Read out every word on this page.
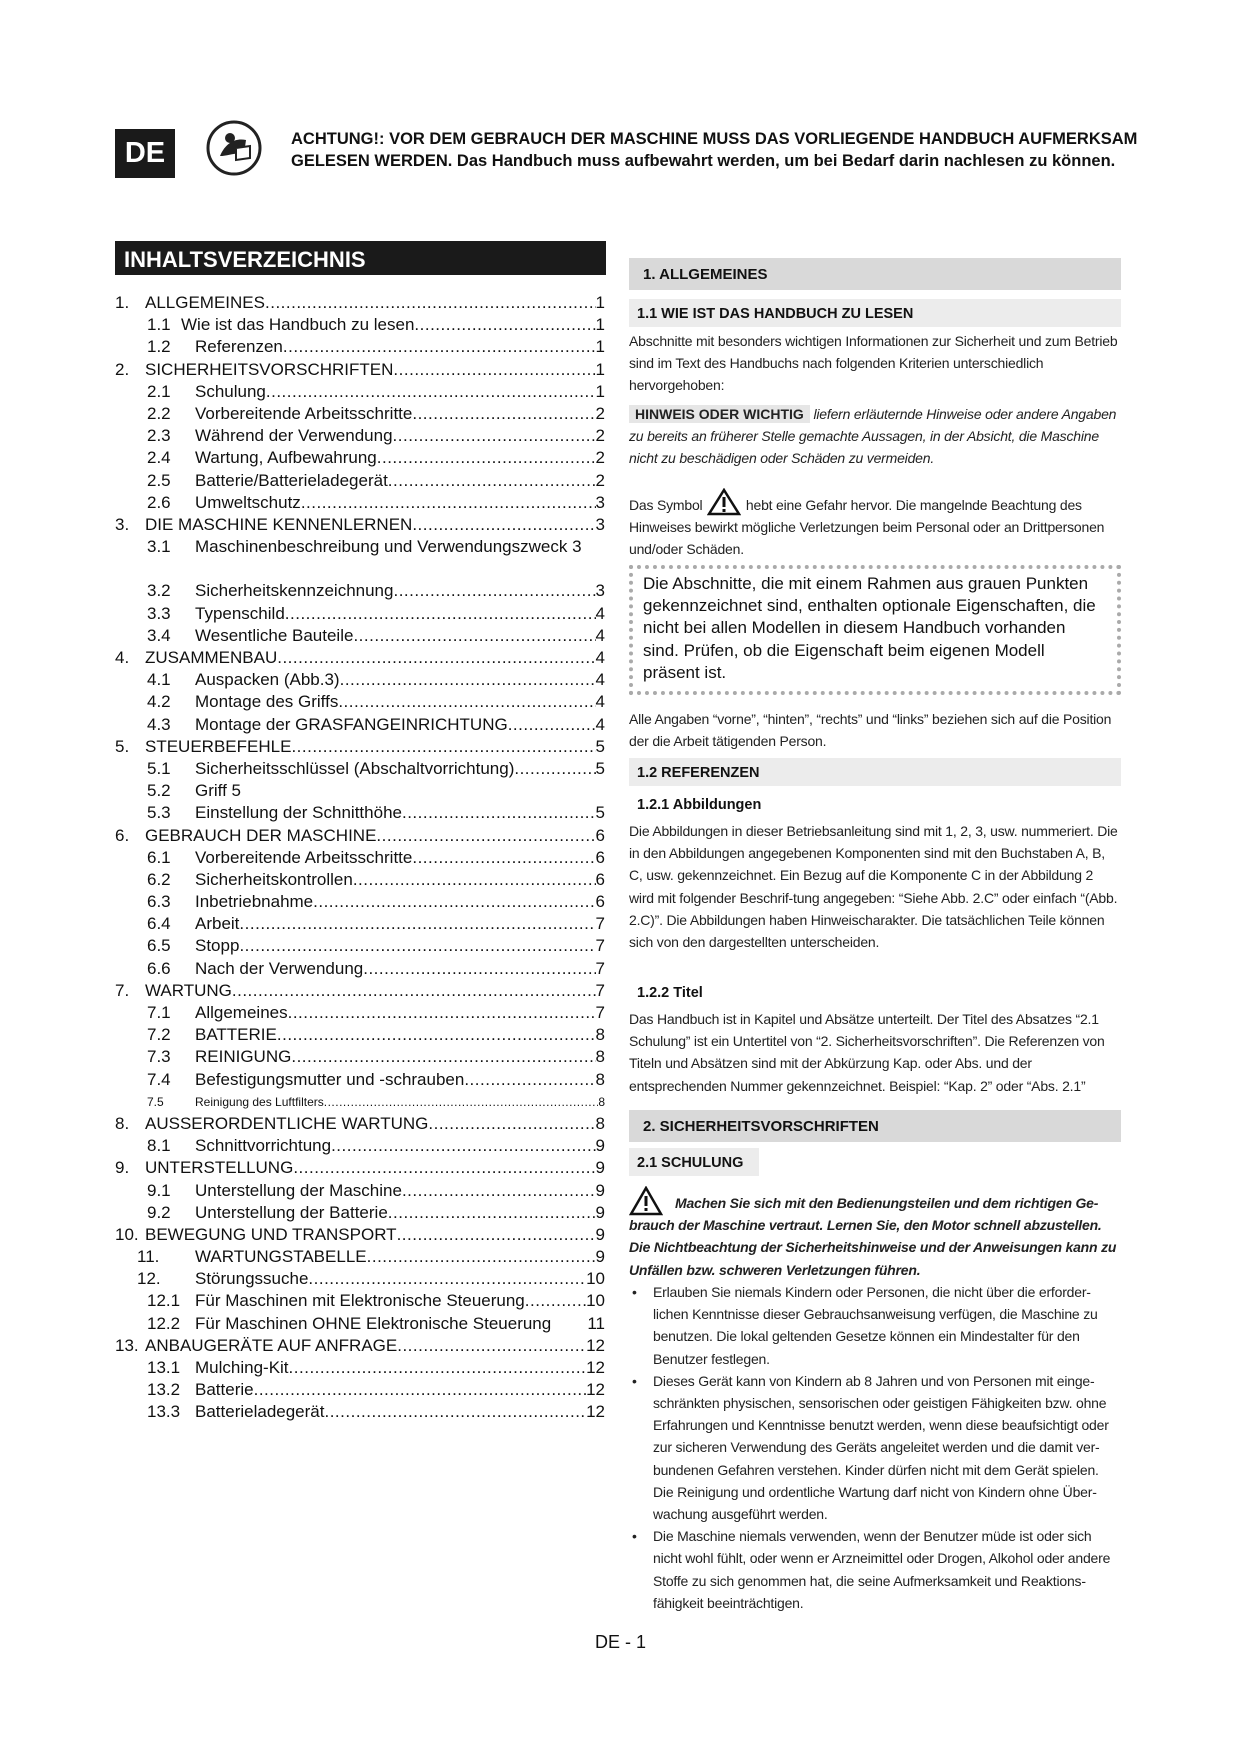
DE	ACHTUNG!: VOR DEM GEBRAUCH DER MASCHINE MUSS DAS VORLIEGENDE HANDBUCH AUFMERKSAM GELESEN WERDEN. Das Handbuch muss aufbewahrt werden, um bei Bedarf darin nachlesen zu können.
INHALTSVERZEICHNIS
1. ALLGEMEINES .....	1
1.1 Wie ist das Handbuch zu lesen .....	1
1.2 Referenzen .....	1
2. SICHERHEITSVORSCHRIFTEN .....	1
2.1 Schulung .....	1
2.2 Vorbereitende Arbeitsschritte .....	2
2.3 Während der Verwendung .....	2
2.4 Wartung, Aufbewahrung .....	2
2.5 Batterie/Batterieladegerät .....	2
2.6 Umweltschutz .....	3
3. DIE MASCHINE KENNENLERNEN .....	3
3.1 Maschinenbeschreibung und Verwendungszweck 3
3.2 Sicherheitskennzeichnung .....	3
3.3 Typenschild .....	4
3.4 Wesentliche Bauteile .....	4
4. ZUSAMMENBAU .....	4
4.1 Auspacken (Abb.3) .....	4
4.2 Montage des Griffs .....	4
4.3 Montage der GRASFANGEINRICHTUNG .....	4
5. STEUERBEFEHLE .....	5
5.1 Sicherheitsschlüssel (Abschaltvorrichtung) .....	5
5.2 Griff 5
5.3 Einstellung der Schnitthöhe .....	5
6. GEBRAUCH DER MASCHINE .....	6
6.1 Vorbereitende Arbeitsschritte .....	6
6.2 Sicherheitskontrollen .....	6
6.3 Inbetriebnahme .....	6
6.4 Arbeit .....	7
6.5 Stopp .....	7
6.6 Nach der Verwendung .....	7
7. WARTUNG .....	7
7.1 Allgemeines .....	7
7.2 BATTERIE .....	8
7.3 REINIGUNG .....	8
7.4 Befestigungsmutter und -schrauben .....	8
7.5	Reinigung des Luftfilters .....	8
8. AUSSERORDENTLICHE WARTUNG .....	8
8.1 Schnittvorrichtung .....	9
9. UNTERSTELLUNG .....	9
9.1 Unterstellung der Maschine .....	9
9.2 Unterstellung der Batterie .....	9
10. BEWEGUNG UND TRANSPORT .....	9
11. WARTUNGSTABELLE .....	9
12. Störungssuche .....	10
12.1 Für Maschinen mit Elektronische Steuerung .....	10
12.2 Für Maschinen OHNE Elektronische Steuerung 11
13. ANBAUGERÄTE AUF ANFRAGE .....	12
13.1 Mulching-Kit .....	12
13.2 Batterie .....	12
13.3 Batterieladegerät .....	12
1. ALLGEMEINES
1.1 WIE IST DAS HANDBUCH ZU LESEN
Abschnitte mit besonders wichtigen Informationen zur Sicherheit und zum Betrieb sind im Text des Handbuchs nach folgenden Kriterien unterschiedlich hervorgehoben:
HINWEIS ODER WICHTIG liefern erläuternde Hinweise oder andere Angaben zu bereits an früherer Stelle gemachte Aussagen, in der Absicht, die Maschine nicht zu beschädigen oder Schäden zu vermeiden.
Das Symbol	hebt eine Gefahr hervor. Die mangelnde Beachtung des Hinweises bewirkt mögliche Verletzungen beim Personal oder an Drittpersonen und/oder Schäden.
Die Abschnitte, die mit einem Rahmen aus grauen Punkten gekennzeichnet sind, enthalten optionale Eigenschaften, die nicht bei allen Modellen in diesem Handbuch vorhanden sind. Prüfen, ob die Eigenschaft beim eigenen Modell präsent ist.
Alle Angaben “vorne”, “hinten”, “rechts” und “links” beziehen sich auf die Position der die Arbeit tätigenden Person.
1.2 REFERENZEN
1.2.1 Abbildungen
Die Abbildungen in dieser Betriebsanleitung sind mit 1, 2, 3, usw. nummeriert. Die in den Abbildungen angegebenen Komponenten sind mit den Buchstaben A, B, C, usw. gekennzeichnet. Ein Bezug auf die Komponente C in der Abbildung 2 wird mit folgender Beschrif-tung angegeben: “Siehe Abb. 2.C” oder einfach “(Abb. 2.C)”. Die Abbildungen haben Hinweischarakter. Die tatsächlichen Teile können sich von den dargestellten unterscheiden.
1.2.2 Titel
Das Handbuch ist in Kapitel und Absätze unterteilt. Der Titel des Absatzes “2.1 Schulung” ist ein Untertitel von “2. Sicherheitsvorschriften”. Die Referenzen von Titeln und Absätzen sind mit der Abkürzung Kap. oder Abs. und der entsprechenden Nummer gekennzeichnet. Beispiel: “Kap. 2” oder “Abs. 2.1”
2. SICHERHEITSVORSCHRIFTEN
2.1 SCHULUNG
Machen Sie sich mit den Bedienungsteilen und dem richtigen Ge-brauch der Maschine vertraut. Lernen Sie, den Motor schnell abzustellen. Die Nichtbeachtung der Sicherheitshinweise und der Anweisungen kann zu Unfällen bzw. schweren Verletzungen führen.
• Erlauben Sie niemals Kindern oder Personen, die nicht über die erforder-lichen Kenntnisse dieser Gebrauchsanweisung verfügen, die Maschine zu benutzen. Die lokal geltenden Gesetze können ein Mindestalter für den Benutzer festlegen.
• Dieses Gerät kann von Kindern ab 8 Jahren und von Personen mit einge-schränkten physischen, sensorischen oder geistigen Fähigkeiten bzw. ohne Erfahrungen und Kenntnisse benutzt werden, wenn diese beaufsichtigt oder zur sicheren Verwendung des Geräts angeleitet werden und die damit ver-bundenen Gefahren verstehen. Kinder dürfen nicht mit dem Gerät spielen. Die Reinigung und ordentliche Wartung darf nicht von Kindern ohne Über-wachung ausgeführt werden.
• Die Maschine niemals verwenden, wenn der Benutzer müde ist oder sich nicht wohl fühlt, oder wenn er Arzneimittel oder Drogen, Alkohol oder andere Stoffe zu sich genommen hat, die seine Aufmerksamkeit und Reaktions-fähigkeit beeinträchtigen.
DE - 1
